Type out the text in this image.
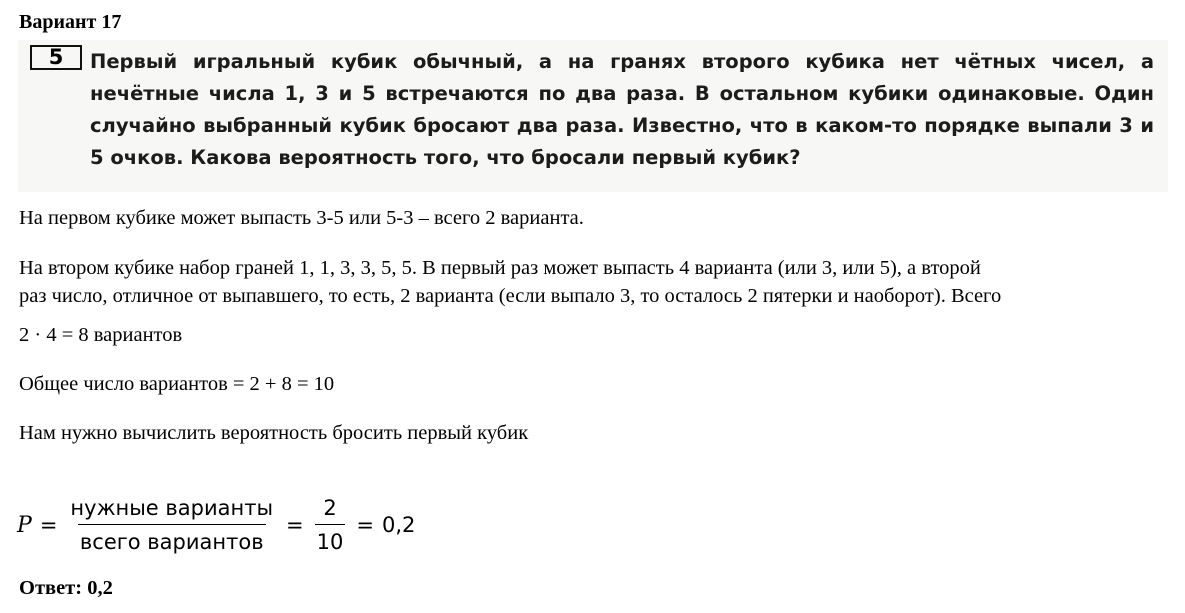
Вариант 17
5	Первый игральный кубик обычный, а на гранях второго кубика нет чётных чисел, а нечётные числа 1, 3 и 5 встречаются по два раза. В остальном кубики одинаковые. Один случайно выбранный кубик бросают два раза. Известно, что в каком-то порядке выпали 3 и 5 очков. Какова вероятность того, что бросали первый кубик?
На первом кубике может выпасть 3-5 или 5-3 – всего 2 варианта.
На втором кубике набор граней 1, 1, 3, 3, 5, 5. В первый раз может выпасть 4 варианта (или 3, или 5), а второй
раз число, отличное от выпавшего, то есть, 2 варианта (если выпало 3, то осталось 2 пятерки и наоборот). Всего
2 · 4 = 8 вариантов
Общее число вариантов = 2 + 8 = 10
Нам нужно вычислить вероятность бросить первый кубик
$P = \frac{\text{нужные варианты}}{\text{всего вариантов}} = \frac{2}{10} = 0,2$
Ответ: 0,2
